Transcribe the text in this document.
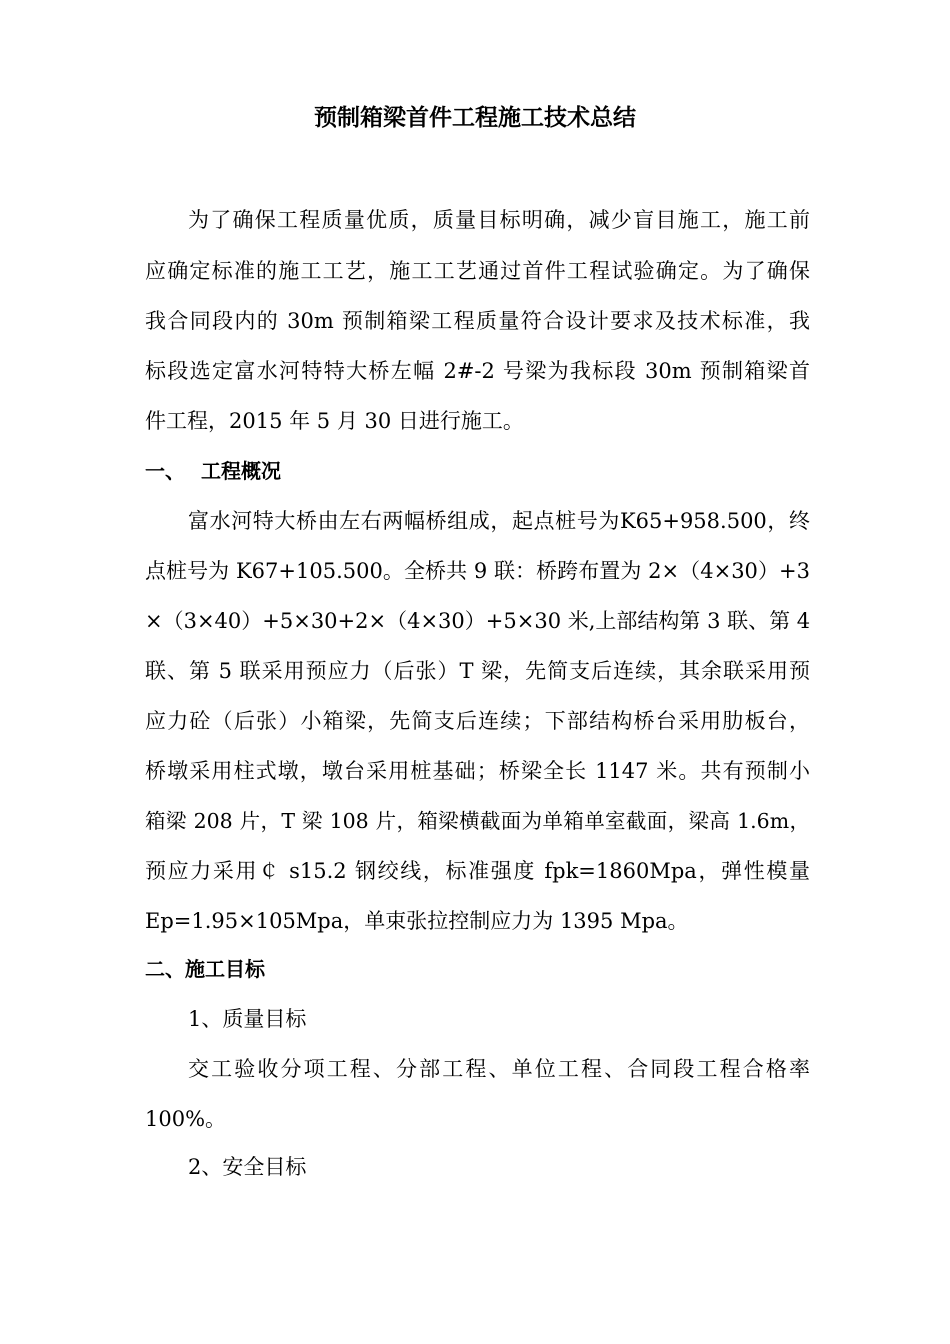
预制箱梁首件工程施工技术总结
为了确保工程质量优质，质量目标明确，减少盲目施工，施工前
应确定标准的施工工艺，施工工艺通过首件工程试验确定。为了确保
我合同段内的 30m 预制箱梁工程质量符合设计要求及技术标准，我
标段选定富水河特特大桥左幅 2#-2 号梁为我标段 30m 预制箱梁首
件工程，2015 年 5 月 30 日进行施工。
一、 工程概况
富水河特大桥由左右两幅桥组成，起点桩号为K65+958.500，终
点桩号为 K67+105.500。全桥共 9 联：桥跨布置为 2×（4×30）+3
×（3×40）+5×30+2×（4×30）+5×30 米,上部结构第 3 联、第 4
联、第 5 联采用预应力（后张）T 梁，先简支后连续，其余联采用预
应力砼（后张）小箱梁，先简支后连续；下部结构桥台采用肋板台，
桥墩采用柱式墩，墩台采用桩基础；桥梁全长 1147 米。共有预制小
箱梁 208 片，T 梁 108 片，箱梁横截面为单箱单室截面，梁高 1.6m，
预应力采用￠ s15.2 钢绞线，标准强度 fpk=1860Mpa，弹性模量
Ep=1.95×105Mpa，单束张拉控制应力为 1395 Mpa。
二、施工目标
1、质量目标
交工验收分项工程、分部工程、单位工程、合同段工程合格率
100%。
2、安全目标
